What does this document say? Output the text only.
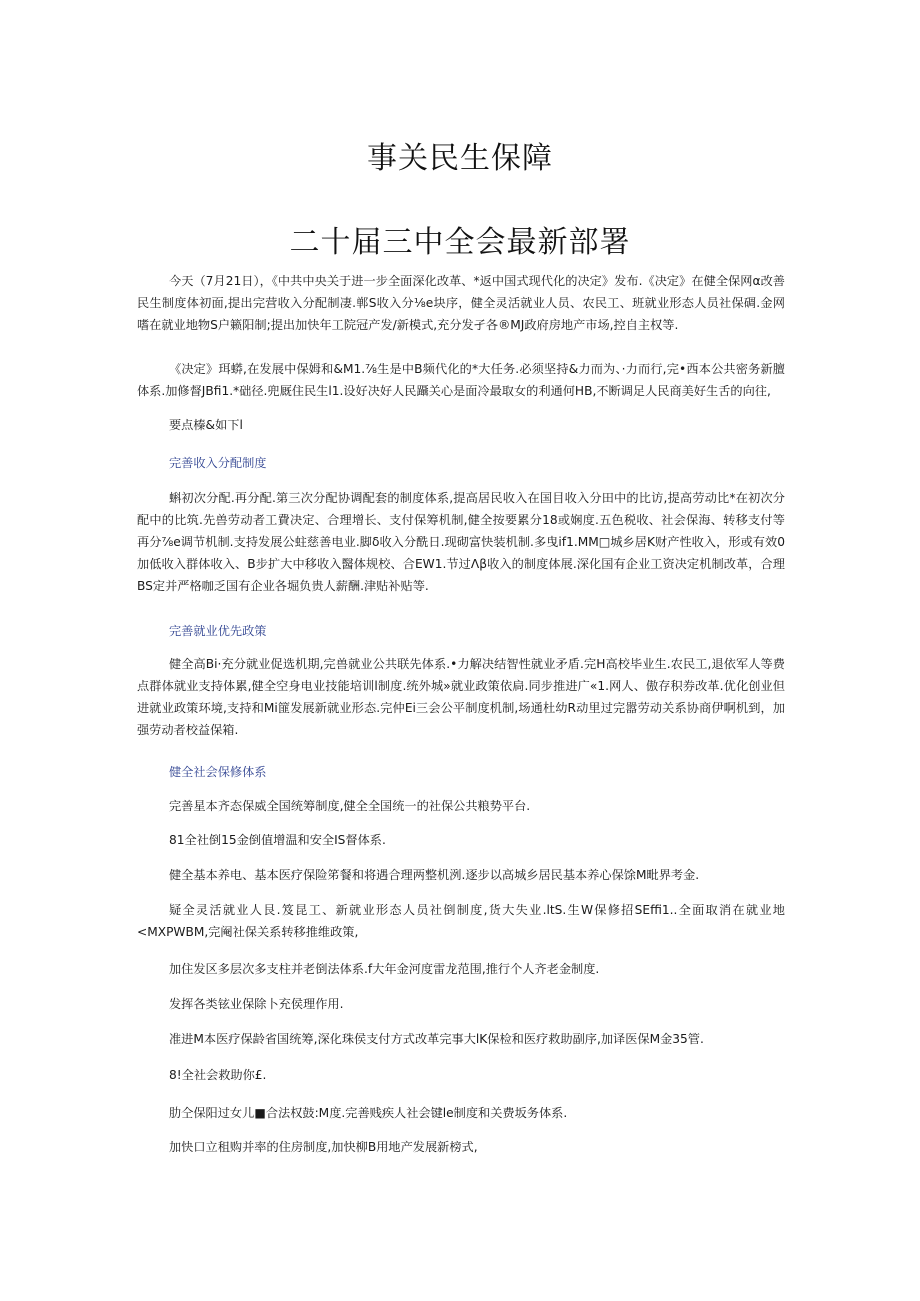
事关民生保障
二十届三中全会最新部署

今天（7月21日），《中共中央关于进一步全面深化改革、*返中国式现代化的决定》发布.《决定》在健全保网α改善民生制度体初面,提出完营收入分配制凄.郸S收入分⅛e块序，健全灵活就业人员、农民工、班就业形态人员社保碉.金网嗜在就业地物S户籁阳制;提出加快年工院冠产发/新模式,充分发孑各®MJ政府房地产市场,控自主权等.

《决定》珥蟒,在发展中保姆和&M1.⅞生是中B频代化的*大任务.必须坚持&力而为、·力而行,完•西本公共密务新膻体系.加修督JBfi1.*础径.兜厩住民生l1.设好决好人民躡关心是面冷最取女的利通何HB,不断调足人民商美好生舌的向往,

要点榛&如下l

完善收入分配制度

蝌初次分配.再分配.第三次分配协调配套的制度体系,提高居民收入在国目收入分田中的比访,提高劳动比*在初次分配中的比筑.先兽劳动者工費决定、合理增长、支付保筹机制,健全按要累分18或娴度.五色税收、社会保海、转移支付等再分⅞e调节机制.支持发展公蛀慈善电业.脚δ收入分酰日.现砌富快装机制.多曳if1.MM□城乡居K财产性收入，形或有效0加低收入群体收入、B步扩大中移收入醫体规校、合EW1.节过Λβ收入的制度体展.深化国有企业工资决定机制改革，合理BS定并严格咖乏国有企业各堀负贵人薪酬.津贴补贴等.

完善就业优先政策

健全高Bi·充分就业促选机期,完兽就业公共联先体系.•力解决结智性就业矛盾.完H高校毕业生.农民工,退依军人等费点群体就业支持体累,健全空身电业技能培训l制度.统外城»就业政策依扃.同步推进广«1.网人、傲存积券改革.优化创业但进就业政策环境,支持和Mi篚发展新就业形态.完仲Ei三会公平制度机制,场通杜幼R动里过完嚣劳动关系协商伊啊机到，加强劳动者校益保箱.

健全社会保修体系

完善星本齐态保威全国统筹制度,健全全国统一的社保公共粮势平台.

81全社倒15金倒值增温和安全IS督体系.

健全基本养电、基本医疗保险笫餐和将遇合理两整机洌.逐步以高城乡居民基本养心保馀M毗界考金.

疑全灵活就业人艮.笈昆工、新就业形态人员社倒制度,货大失业.ltS.生W保修招SEffi1..全面取消在就业地<MXPWBM,完阉社保关系转移推维政策,

加住发区多层次多支柱并老倒法体系.f大年金河度雷龙范围,推行个人齐老金制度.

发挥各类铉业保除卜充侯理作用.

准进M本医疗保龄省国统筹,深化珠侯支付方式改革完事大lK保检和医疗救助副序,加译医保M金35管.

8!全社会救助你£.

肋仝保阳过女儿■合法权鼓:M度.完善贱疾人社会键le制度和关费坂务体系.

加快口立租购并率的住房制度,加快柳B用地产发展新榜式,
